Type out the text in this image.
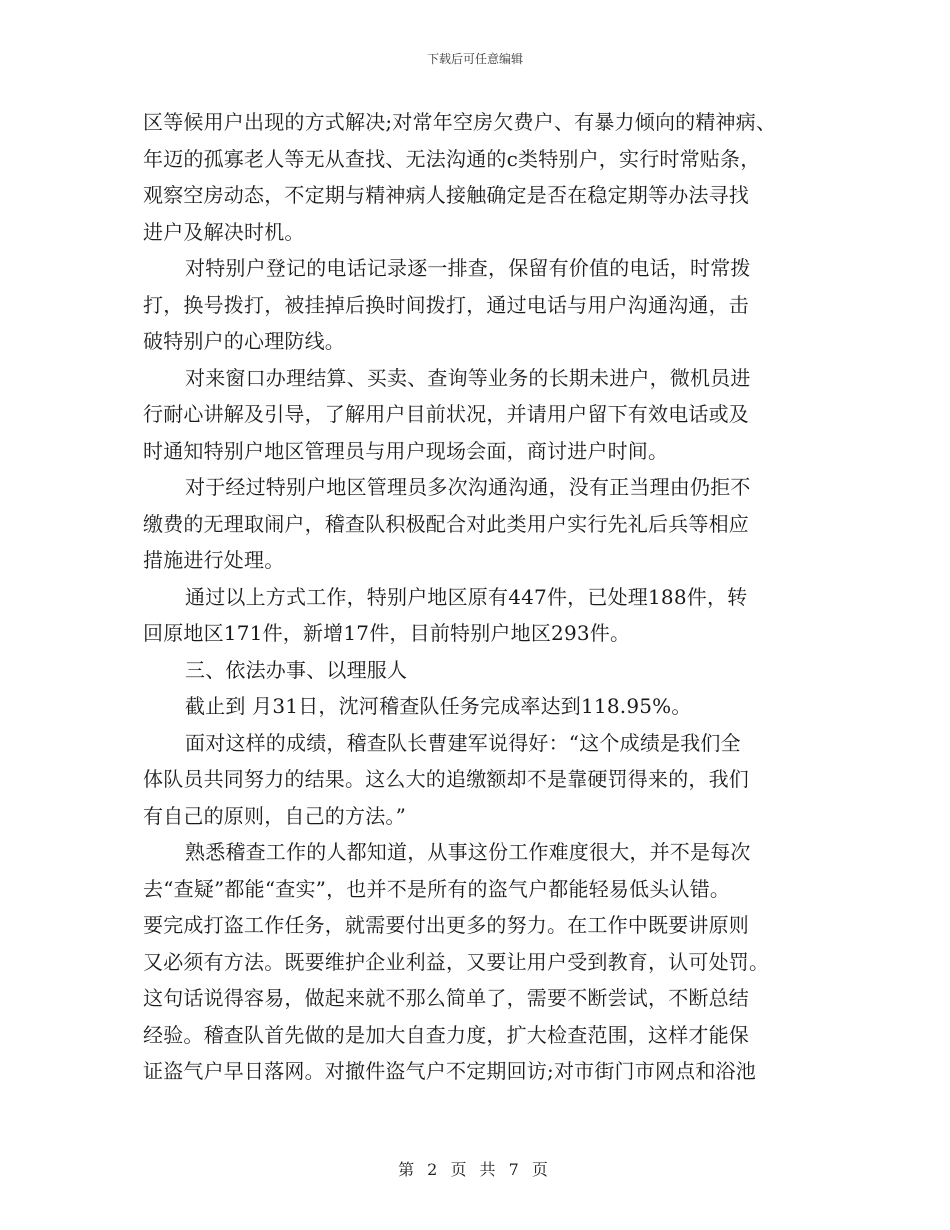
下载后可任意编辑
区等候用户出现的方式解决;对常年空房欠费户、有暴力倾向的精神病、
年迈的孤寡老人等无从查找、无法沟通的c类特别户，实行时常贴条，
观察空房动态，不定期与精神病人接触确定是否在稳定期等办法寻找
进户及解决时机。
对特别户登记的电话记录逐一排查，保留有价值的电话，时常拨
打，换号拨打，被挂掉后换时间拨打，通过电话与用户沟通沟通，击
破特别户的心理防线。
对来窗口办理结算、买卖、查询等业务的长期未进户，微机员进
行耐心讲解及引导，了解用户目前状况，并请用户留下有效电话或及
时通知特别户地区管理员与用户现场会面，商讨进户时间。
对于经过特别户地区管理员多次沟通沟通，没有正当理由仍拒不
缴费的无理取闹户，稽查队积极配合对此类用户实行先礼后兵等相应
措施进行处理。
通过以上方式工作，特别户地区原有447件，已处理188件，转
回原地区171件，新增17件，目前特别户地区293件。
三、依法办事、以理服人
截止到 月31日，沈河稽查队任务完成率达到118.95%。
面对这样的成绩，稽查队长曹建军说得好：“这个成绩是我们全
体队员共同努力的结果。这么大的追缴额却不是靠硬罚得来的，我们
有自己的原则，自己的方法。”
熟悉稽查工作的人都知道，从事这份工作难度很大，并不是每次
去“查疑”都能“查实”，也并不是所有的盗气户都能轻易低头认错。
要完成打盗工作任务，就需要付出更多的努力。在工作中既要讲原则
又必须有方法。既要维护企业利益，又要让用户受到教育，认可处罚。
这句话说得容易，做起来就不那么简单了，需要不断尝试，不断总结
经验。稽查队首先做的是加大自查力度，扩大检查范围，这样才能保
证盗气户早日落网。对撤件盗气户不定期回访;对市街门市网点和浴池
第 2 页 共 7 页
